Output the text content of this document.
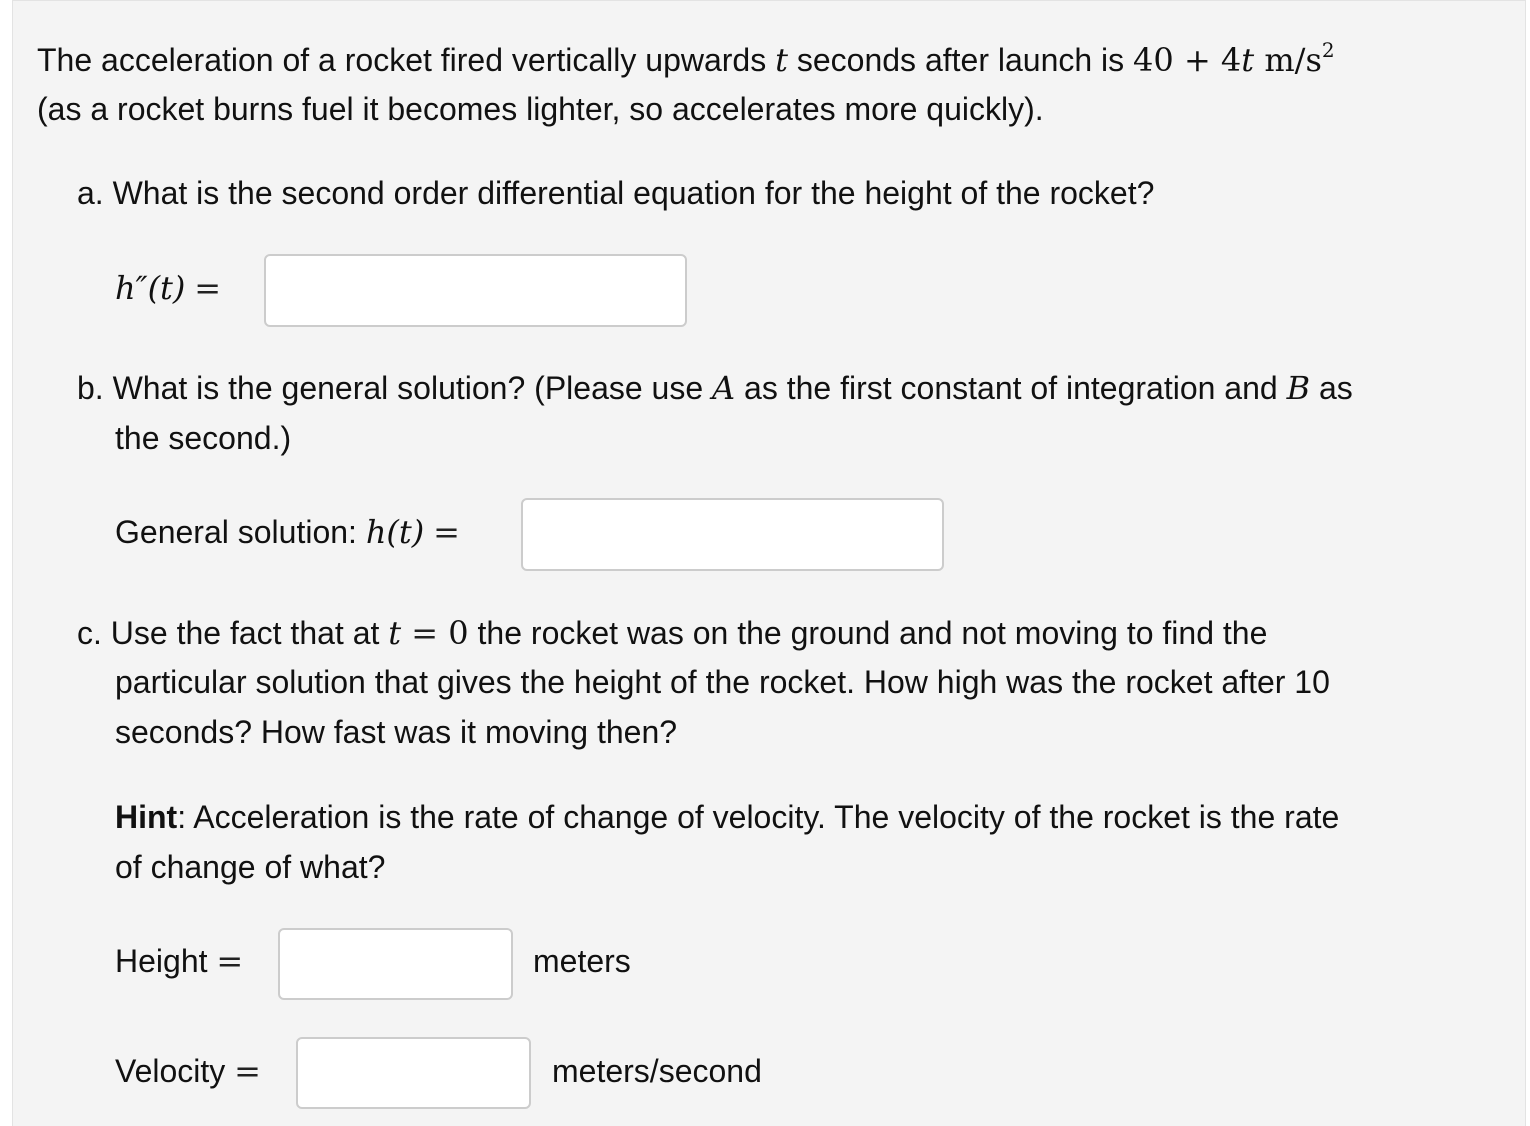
The acceleration of a rocket fired vertically upwards t seconds after launch is 40 + 4t $m/s^2$
(as a rocket burns fuel it becomes lighter, so accelerates more quickly).
a. What is the second order differential equation for the height of the rocket?
h″(t) =
b. What is the general solution? (Please use A as the first constant of integration and B as
the second.)
General solution: h(t) =
c. Use the fact that at t = 0 the rocket was on the ground and not moving to find the
particular solution that gives the height of the rocket. How high was the rocket after 10
seconds? How fast was it moving then?
Hint: Acceleration is the rate of change of velocity. The velocity of the rocket is the rate
of change of what?
Height =	meters
Velocity =	meters/second
